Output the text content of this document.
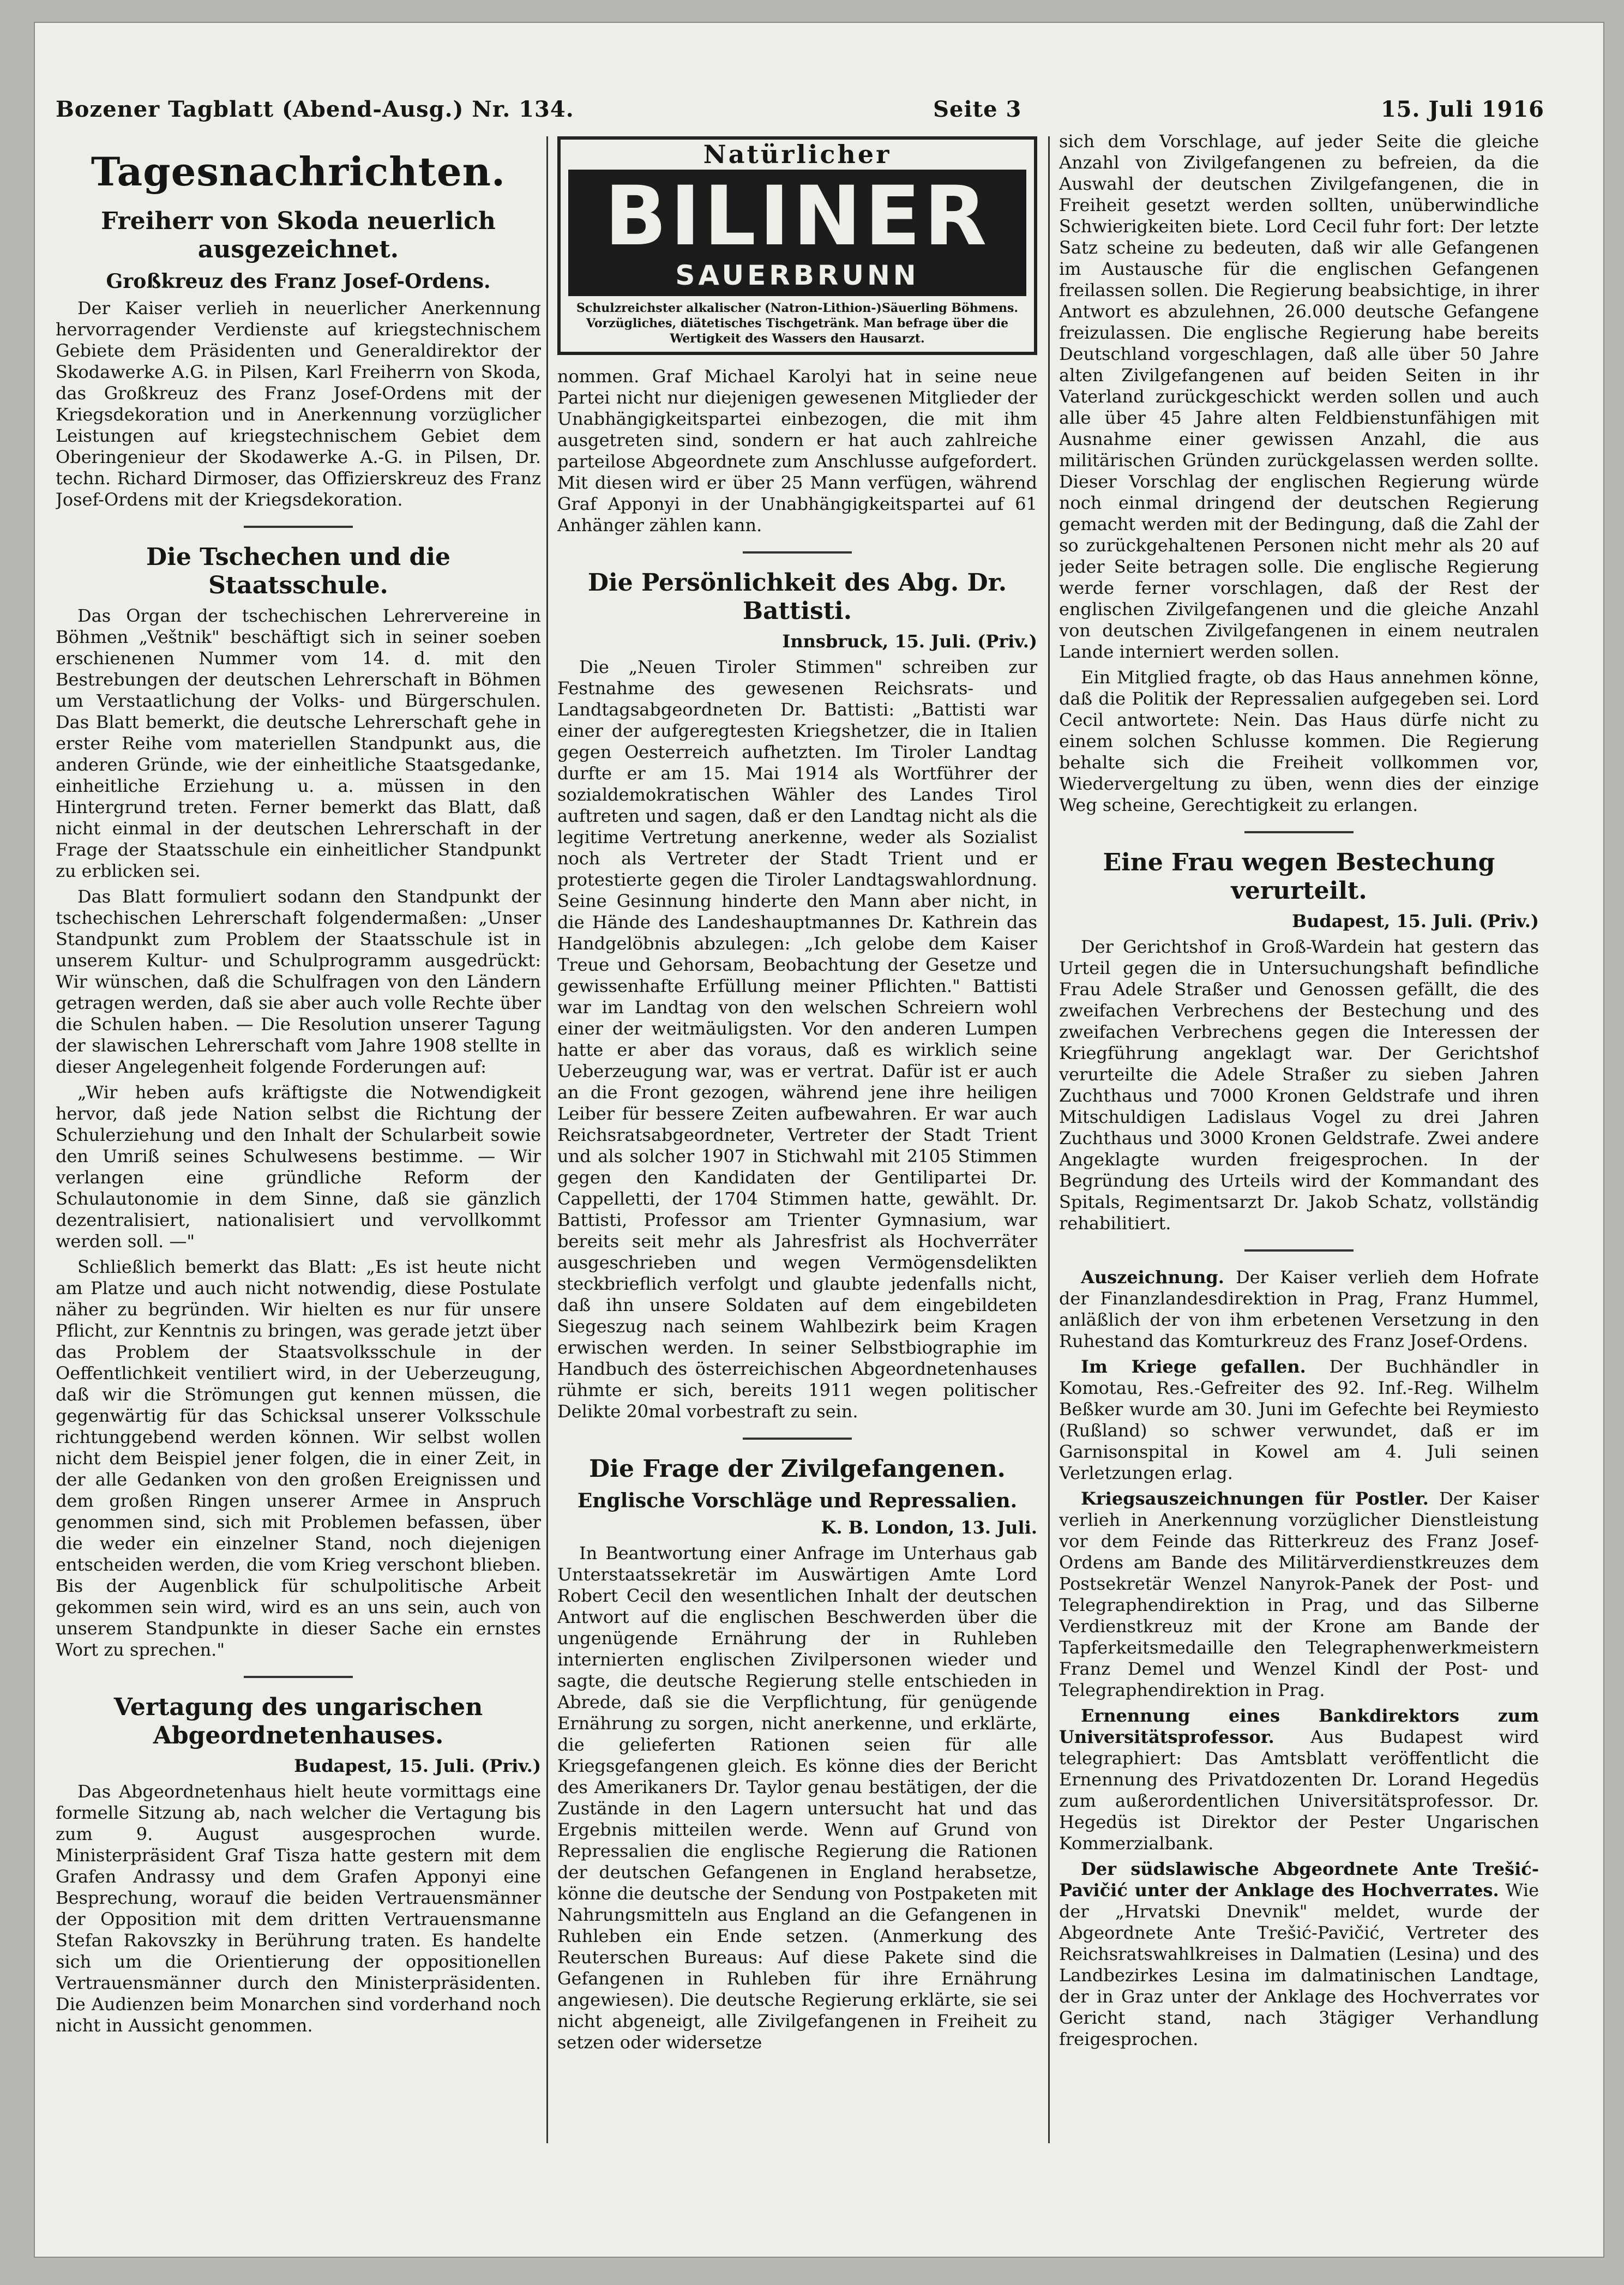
Bozener Tagblatt (Abend-Ausg.) Nr. 134.	Seite 3	15. Juli 1916
Tagesnachrichten.
Freiherr von Skoda neuerlich ausgezeichnet.
Großkreuz des Franz Josef-Ordens.

Der Kaiser verlieh in neuerlicher Anerkennung hervorragender Verdienste auf kriegstechnischem Gebiete dem Präsidenten und Generaldirektor der Skodawerke A.G. in Pilsen, Karl Freiherrn von Skoda, das Großkreuz des Franz Josef-Ordens mit der Kriegsdekoration und in Anerkennung vorzüglicher Leistungen auf kriegstechnischem Gebiet dem Oberingenieur der Skodawerke A.-G. in Pilsen, Dr. techn. Richard Dirmoser, das Offizierskreuz des Franz Josef-Ordens mit der Kriegsdekoration.

Die Tschechen und die Staatsschule.

Das Organ der tschechischen Lehrervereine in Böhmen „Veštnik" beschäftigt sich in seiner soeben erschienenen Nummer vom 14. d. mit den Bestrebungen der deutschen Lehrerschaft in Böhmen um Verstaatlichung der Volks- und Bürgerschulen. Das Blatt bemerkt, die deutsche Lehrerschaft gehe in erster Reihe vom materiellen Standpunkt aus, die anderen Gründe, wie der einheitliche Staatsgedanke, einheitliche Erziehung u. a. müssen in den Hintergrund treten. Ferner bemerkt das Blatt, daß nicht einmal in der deutschen Lehrerschaft in der Frage der Staatsschule ein einheitlicher Standpunkt zu erblicken sei.

Das Blatt formuliert sodann den Standpunkt der tschechischen Lehrerschaft folgendermaßen: „Unser Standpunkt zum Problem der Staatsschule ist in unserem Kultur- und Schulprogramm ausgedrückt: Wir wünschen, daß die Schulfragen von den Ländern getragen werden, daß sie aber auch volle Rechte über die Schulen haben. — Die Resolution unserer Tagung der slawischen Lehrerschaft vom Jahre 1908 stellte in dieser Angelegenheit folgende Forderungen auf:

„Wir heben aufs kräftigste die Notwendigkeit hervor, daß jede Nation selbst die Richtung der Schulerziehung und den Inhalt der Schularbeit sowie den Umriß seines Schulwesens bestimme. — Wir verlangen eine gründliche Reform der Schulautonomie in dem Sinne, daß sie gänzlich dezentralisiert, nationalisiert und vervollkommt werden soll. —"

Schließlich bemerkt das Blatt: „Es ist heute nicht am Platze und auch nicht notwendig, diese Postulate näher zu begründen. Wir hielten es nur für unsere Pflicht, zur Kenntnis zu bringen, was gerade jetzt über das Problem der Staatsvolksschule in der Oeffentlichkeit ventiliert wird, in der Ueberzeugung, daß wir die Strömungen gut kennen müssen, die gegenwärtig für das Schicksal unserer Volksschule richtunggebend werden können. Wir selbst wollen nicht dem Beispiel jener folgen, die in einer Zeit, in der alle Gedanken von den großen Ereignissen und dem großen Ringen unserer Armee in Anspruch genommen sind, sich mit Problemen befassen, über die weder ein einzelner Stand, noch diejenigen entscheiden werden, die vom Krieg verschont blieben. Bis der Augenblick für schulpolitische Arbeit gekommen sein wird, wird es an uns sein, auch von unserem Standpunkte in dieser Sache ein ernstes Wort zu sprechen."

Vertagung des ungarischen Abgeordnetenhauses.
Budapest, 15. Juli. (Priv.)

Das Abgeordnetenhaus hielt heute vormittags eine formelle Sitzung ab, nach welcher die Vertagung bis zum 9. August ausgesprochen wurde. Ministerpräsident Graf Tisza hatte gestern mit dem Grafen Andrassy und dem Grafen Apponyi eine Besprechung, worauf die beiden Vertrauensmänner der Opposition mit dem dritten Vertrauensmanne Stefan Rakovszky in Berührung traten. Es handelte sich um die Orientierung der oppositionellen Vertrauensmänner durch den Ministerpräsidenten. Die Audienzen beim Monarchen sind vorderhand noch nicht in Aussicht genommen.

Natürlicher
BILINER
SAUERBRUNN
Schulzreichster alkalischer (Natron-Lithion-)Säuerling Böhmens. Vorzügliches, diätetisches Tischgetränk. Man befrage über die Wertigkeit des Wassers den Hausarzt.

nommen. Graf Michael Karolyi hat in seine neue Partei nicht nur diejenigen gewesenen Mitglieder der Unabhängigkeitspartei einbezogen, die mit ihm ausgetreten sind, sondern er hat auch zahlreiche parteilose Abgeordnete zum Anschlusse aufgefordert. Mit diesen wird er über 25 Mann verfügen, während Graf Apponyi in der Unabhängigkeitspartei auf 61 Anhänger zählen kann.

Die Persönlichkeit des Abg. Dr. Battisti.
Innsbruck, 15. Juli. (Priv.)

Die „Neuen Tiroler Stimmen" schreiben zur Festnahme des gewesenen Reichsrats- und Landtagsabgeordneten Dr. Battisti: „Battisti war einer der aufgeregtesten Kriegshetzer, die in Italien gegen Oesterreich aufhetzten. Im Tiroler Landtag durfte er am 15. Mai 1914 als Wortführer der sozialdemokratischen Wähler des Landes Tirol auftreten und sagen, daß er den Landtag nicht als die legitime Vertretung anerkenne, weder als Sozialist noch als Vertreter der Stadt Trient und er protestierte gegen die Tiroler Landtagswahlordnung. Seine Gesinnung hinderte den Mann aber nicht, in die Hände des Landeshauptmannes Dr. Kathrein das Handgelöbnis abzulegen: „Ich gelobe dem Kaiser Treue und Gehorsam, Beobachtung der Gesetze und gewissenhafte Erfüllung meiner Pflichten." Battisti war im Landtag von den welschen Schreiern wohl einer der weitmäuligsten. Vor den anderen Lumpen hatte er aber das voraus, daß es wirklich seine Ueberzeugung war, was er vertrat. Dafür ist er auch an die Front gezogen, während jene ihre heiligen Leiber für bessere Zeiten aufbewahren. Er war auch Reichsratsabgeordneter, Vertreter der Stadt Trient und als solcher 1907 in Stichwahl mit 2105 Stimmen gegen den Kandidaten der Gentilipartei Dr. Cappelletti, der 1704 Stimmen hatte, gewählt. Dr. Battisti, Professor am Trienter Gymnasium, war bereits seit mehr als Jahresfrist als Hochverräter ausgeschrieben und wegen Vermögensdelikten steckbrieflich verfolgt und glaubte jedenfalls nicht, daß ihn unsere Soldaten auf dem eingebildeten Siegeszug nach seinem Wahlbezirk beim Kragen erwischen werden. In seiner Selbstbiographie im Handbuch des österreichischen Abgeordnetenhauses rühmte er sich, bereits 1911 wegen politischer Delikte 20mal vorbestraft zu sein.

Die Frage der Zivilgefangenen.
Englische Vorschläge und Repressalien.
K. B. London, 13. Juli.

In Beantwortung einer Anfrage im Unterhaus gab Unterstaatssekretär im Auswärtigen Amte Lord Robert Cecil den wesentlichen Inhalt der deutschen Antwort auf die englischen Beschwerden über die ungenügende Ernährung der in Ruhleben internierten englischen Zivilpersonen wieder und sagte, die deutsche Regierung stelle entschieden in Abrede, daß sie die Verpflichtung, für genügende Ernährung zu sorgen, nicht anerkenne, und erklärte, die gelieferten Rationen seien für alle Kriegsgefangenen gleich. Es könne dies der Bericht des Amerikaners Dr. Taylor genau bestätigen, der die Zustände in den Lagern untersucht hat und das Ergebnis mitteilen werde. Wenn auf Grund von Repressalien die englische Regierung die Rationen der deutschen Gefangenen in England herabsetze, könne die deutsche der Sendung von Postpaketen mit Nahrungsmitteln aus England an die Gefangenen in Ruhleben ein Ende setzen. (Anmerkung des Reuterschen Bureaus: Auf diese Pakete sind die Gefangenen in Ruhleben für ihre Ernährung angewiesen). Die deutsche Regierung erklärte, sie sei nicht abgeneigt, alle Zivilgefangenen in Freiheit zu setzen oder widersetze

sich dem Vorschlage, auf jeder Seite die gleiche Anzahl von Zivilgefangenen zu befreien, da die Auswahl der deutschen Zivilgefangenen, die in Freiheit gesetzt werden sollten, unüberwindliche Schwierigkeiten biete. Lord Cecil fuhr fort: Der letzte Satz scheine zu bedeuten, daß wir alle Gefangenen im Austausche für die englischen Gefangenen freilassen sollen. Die Regierung beabsichtige, in ihrer Antwort es abzulehnen, 26.000 deutsche Gefangene freizulassen. Die englische Regierung habe bereits Deutschland vorgeschlagen, daß alle über 50 Jahre alten Zivilgefangenen auf beiden Seiten in ihr Vaterland zurückgeschickt werden sollen und auch alle über 45 Jahre alten Feldbienstunfähigen mit Ausnahme einer gewissen Anzahl, die aus militärischen Gründen zurückgelassen werden sollte. Dieser Vorschlag der englischen Regierung würde noch einmal dringend der deutschen Regierung gemacht werden mit der Bedingung, daß die Zahl der so zurückgehaltenen Personen nicht mehr als 20 auf jeder Seite betragen solle. Die englische Regierung werde ferner vorschlagen, daß der Rest der englischen Zivilgefangenen und die gleiche Anzahl von deutschen Zivilgefangenen in einem neutralen Lande interniert werden sollen.

Ein Mitglied fragte, ob das Haus annehmen könne, daß die Politik der Repressalien aufgegeben sei. Lord Cecil antwortete: Nein. Das Haus dürfe nicht zu einem solchen Schlusse kommen. Die Regierung behalte sich die Freiheit vollkommen vor, Wiedervergeltung zu üben, wenn dies der einzige Weg scheine, Gerechtigkeit zu erlangen.

Eine Frau wegen Bestechung verurteilt.
Budapest, 15. Juli. (Priv.)

Der Gerichtshof in Groß-Wardein hat gestern das Urteil gegen die in Untersuchungshaft befindliche Frau Adele Straßer und Genossen gefällt, die des zweifachen Verbrechens der Bestechung und des zweifachen Verbrechens gegen die Interessen der Kriegführung angeklagt war. Der Gerichtshof verurteilte die Adele Straßer zu sieben Jahren Zuchthaus und 7000 Kronen Geldstrafe und ihren Mitschuldigen Ladislaus Vogel zu drei Jahren Zuchthaus und 3000 Kronen Geldstrafe. Zwei andere Angeklagte wurden freigesprochen. In der Begründung des Urteils wird der Kommandant des Spitals, Regimentsarzt Dr. Jakob Schatz, vollständig rehabilitiert.

Auszeichnung. Der Kaiser verlieh dem Hofrate der Finanzlandesdirektion in Prag, Franz Hummel, anläßlich der von ihm erbetenen Versetzung in den Ruhestand das Komturkreuz des Franz Josef-Ordens.

Im Kriege gefallen. Der Buchhändler in Komotau, Res.-Gefreiter des 92. Inf.-Reg. Wilhelm Beßker wurde am 30. Juni im Gefechte bei Reymiesto (Rußland) so schwer verwundet, daß er im Garnisonspital in Kowel am 4. Juli seinen Verletzungen erlag.

Kriegsauszeichnungen für Postler. Der Kaiser verlieh in Anerkennung vorzüglicher Dienstleistung vor dem Feinde das Ritterkreuz des Franz Josef-Ordens am Bande des Militärverdienstkreuzes dem Postsekretär Wenzel Nanyrok-Panek der Post- und Telegraphendirektion in Prag, und das Silberne Verdienstkreuz mit der Krone am Bande der Tapferkeitsmedaille den Telegraphenwerkmeistern Franz Demel und Wenzel Kindl der Post- und Telegraphendirektion in Prag.

Ernennung eines Bankdirektors zum Universitätsprofessor. Aus Budapest wird telegraphiert: Das Amtsblatt veröffentlicht die Ernennung des Privatdozenten Dr. Lorand Hegedüs zum außerordentlichen Universitätsprofessor. Dr. Hegedüs ist Direktor der Pester Ungarischen Kommerzialbank.

Der südslawische Abgeordnete Ante Trešić-Pavičić unter der Anklage des Hochverrates. Wie der „Hrvatski Dnevnik" meldet, wurde der Abgeordnete Ante Trešić-Pavičić, Vertreter des Reichsratswahlkreises in Dalmatien (Lesina) und des Landbezirkes Lesina im dalmatinischen Landtage, der in Graz unter der Anklage des Hochverrates vor Gericht stand, nach 3tägiger Verhandlung freigesprochen.
